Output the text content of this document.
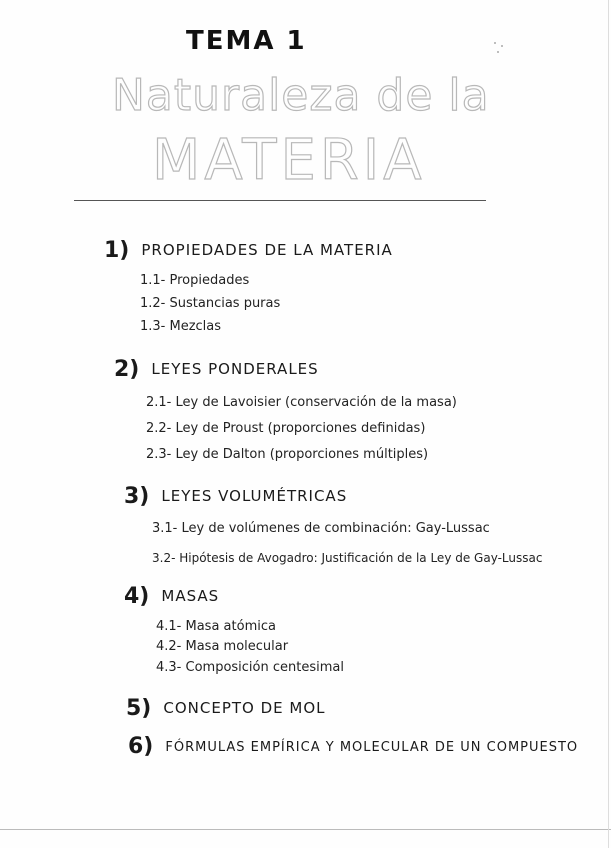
TEMA 1
Naturaleza de la
MATERIA
1) PROPIEDADES DE LA MATERIA
1.1- Propiedades
1.2- Sustancias puras
1.3- Mezclas
2) LEYES PONDERALES
2.1- Ley de Lavoisier (conservación de la masa)
2.2- Ley de Proust (proporciones definidas)
2.3- Ley de Dalton (proporciones múltiples)
3) LEYES VOLUMÉTRICAS
3.1- Ley de volúmenes de combinación: Gay-Lussac
3.2- Hipótesis de Avogadro: Justificación de la Ley de Gay-Lussac
4) MASAS
4.1- Masa atómica
4.2- Masa molecular
4.3- Composición centesimal
5) CONCEPTO DE MOL
6) FÓRMULAS EMPÍRICA Y MOLECULAR DE UN COMPUESTO
